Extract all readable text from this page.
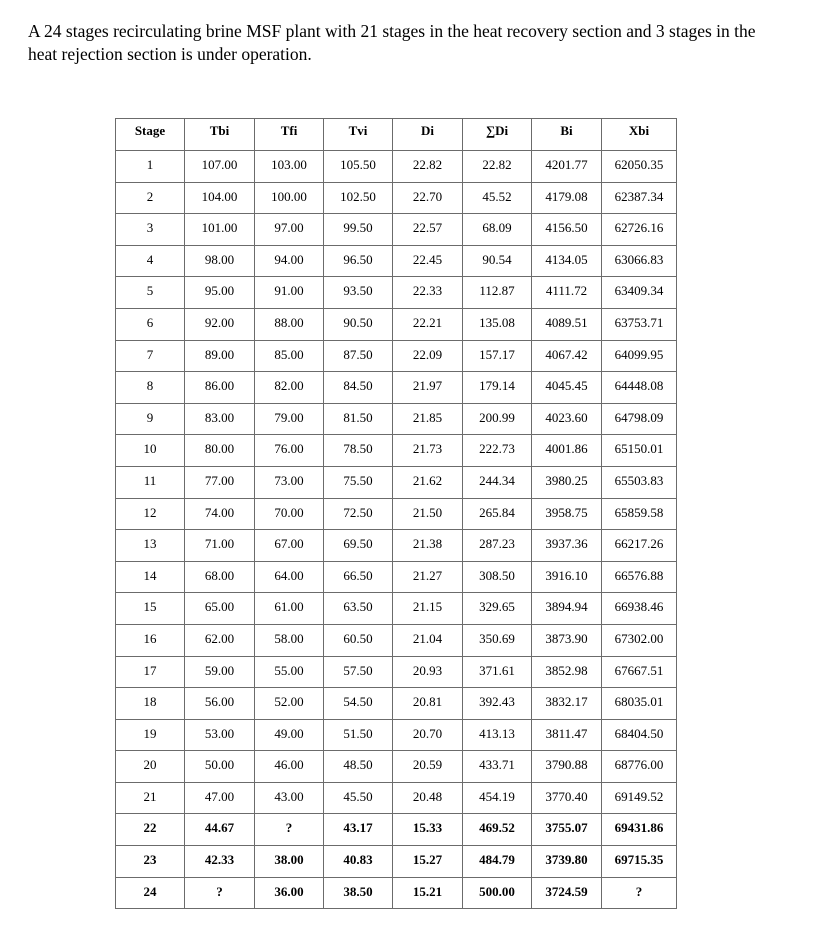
A 24 stages recirculating brine MSF plant with 21 stages in the heat recovery section and 3 stages in the heat rejection section is under operation.

Stage	Tbi	Tfi	Tvi	Di	∑Di	Bi	Xbi
1	107.00	103.00	105.50	22.82	22.82	4201.77	62050.35
2	104.00	100.00	102.50	22.70	45.52	4179.08	62387.34
3	101.00	97.00	99.50	22.57	68.09	4156.50	62726.16
4	98.00	94.00	96.50	22.45	90.54	4134.05	63066.83
5	95.00	91.00	93.50	22.33	112.87	4111.72	63409.34
6	92.00	88.00	90.50	22.21	135.08	4089.51	63753.71
7	89.00	85.00	87.50	22.09	157.17	4067.42	64099.95
8	86.00	82.00	84.50	21.97	179.14	4045.45	64448.08
9	83.00	79.00	81.50	21.85	200.99	4023.60	64798.09
10	80.00	76.00	78.50	21.73	222.73	4001.86	65150.01
11	77.00	73.00	75.50	21.62	244.34	3980.25	65503.83
12	74.00	70.00	72.50	21.50	265.84	3958.75	65859.58
13	71.00	67.00	69.50	21.38	287.23	3937.36	66217.26
14	68.00	64.00	66.50	21.27	308.50	3916.10	66576.88
15	65.00	61.00	63.50	21.15	329.65	3894.94	66938.46
16	62.00	58.00	60.50	21.04	350.69	3873.90	67302.00
17	59.00	55.00	57.50	20.93	371.61	3852.98	67667.51
18	56.00	52.00	54.50	20.81	392.43	3832.17	68035.01
19	53.00	49.00	51.50	20.70	413.13	3811.47	68404.50
20	50.00	46.00	48.50	20.59	433.71	3790.88	68776.00
21	47.00	43.00	45.50	20.48	454.19	3770.40	69149.52
22	44.67	?	43.17	15.33	469.52	3755.07	69431.86
23	42.33	38.00	40.83	15.27	484.79	3739.80	69715.35
24	?	36.00	38.50	15.21	500.00	3724.59	?
